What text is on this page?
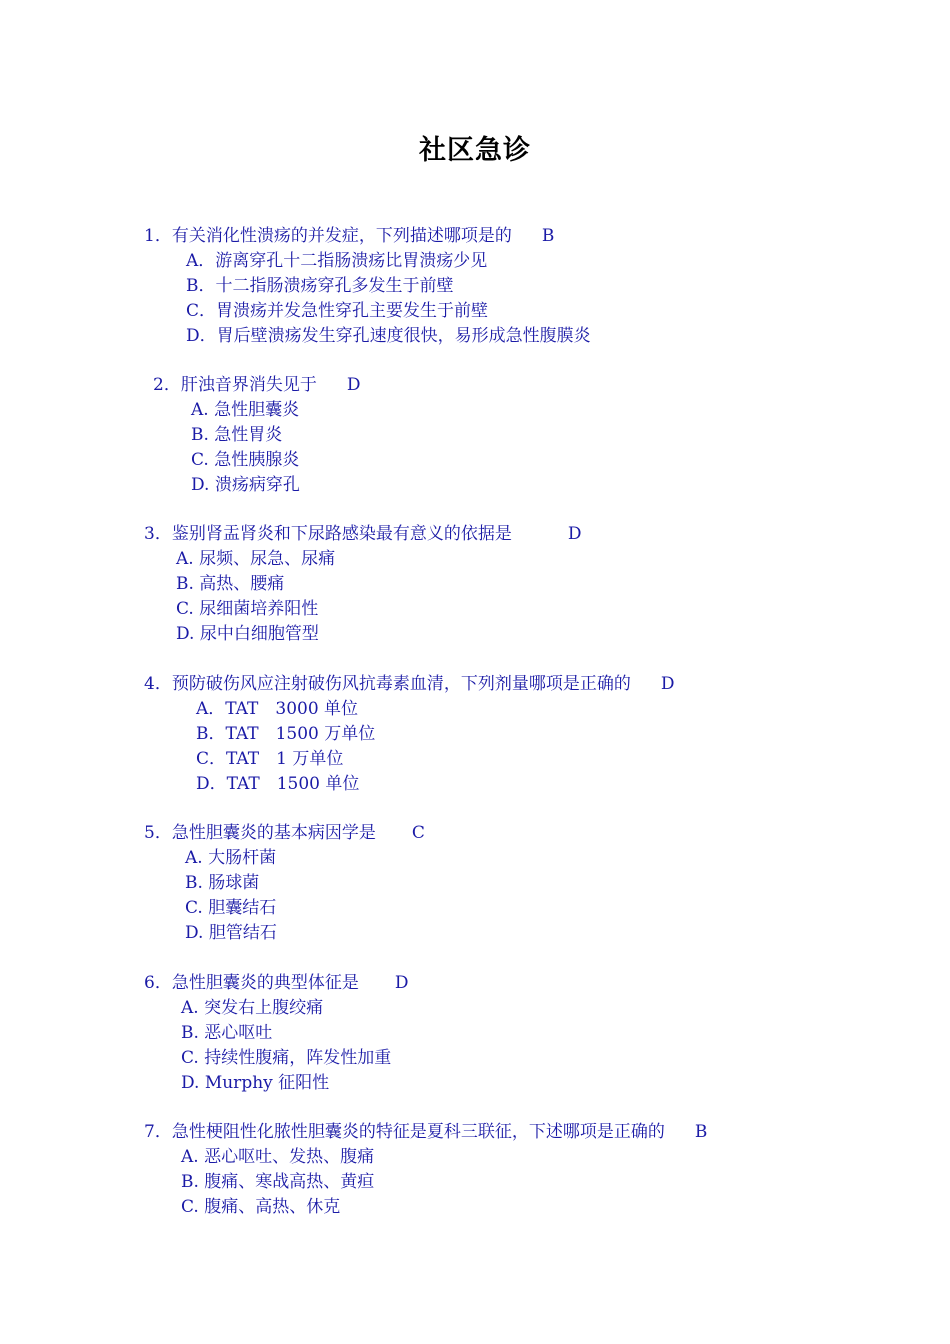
社区急诊
1．有关消化性溃疡的并发症，下列描述哪项是的 B
A．游离穿孔十二指肠溃疡比胃溃疡少见
B．十二指肠溃疡穿孔多发生于前壁
C．胃溃疡并发急性穿孔主要发生于前壁
D．胃后壁溃疡发生穿孔速度很快，易形成急性腹膜炎
2．肝浊音界消失见于 D
A. 急性胆囊炎
B. 急性胃炎
C. 急性胰腺炎
D. 溃疡病穿孔
3．鉴别肾盂肾炎和下尿路感染最有意义的依据是	D
A. 尿频、尿急、尿痛
B. 高热、腰痛
C. 尿细菌培养阳性
D. 尿中白细胞管型
4．预防破伤风应注射破伤风抗毒素血清，下列剂量哪项是正确的 D
A．TAT　3000 单位
B．TAT　1500 万单位
C．TAT　1 万单位
D．TAT　1500 单位
5．急性胆囊炎的基本病因学是 C
A. 大肠杆菌
B. 肠球菌
C. 胆囊结石
D. 胆管结石
6．急性胆囊炎的典型体征是 D
A. 突发右上腹绞痛
B. 恶心呕吐
C. 持续性腹痛，阵发性加重
D. Murphy 征阳性
7．急性梗阻性化脓性胆囊炎的特征是夏科三联征，下述哪项是正确的 B
A. 恶心呕吐、发热、腹痛
B. 腹痛、寒战高热、黄疸
C. 腹痛、高热、休克
